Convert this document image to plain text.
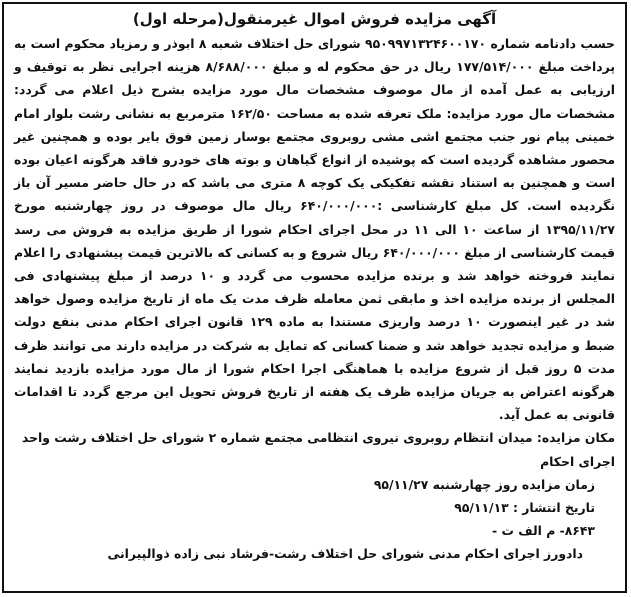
آگهی مزایده فروش اموال غیرمنقول(مرحله اول)

حسب دادنامه شماره ۹۵۰۹۹۷۱۳۲۴۶۰۰۱۷۰ شورای حل اختلاف شعبه ۸ ابوذر و رمزیاد محکوم است به پرداخت مبلغ ۱۷۷/۵۱۴/۰۰۰ ریال در حق محکوم له و مبلغ ۸/۶۸۸/۰۰۰ هزینه اجرایی نظر به توقیف و ارزیابی به عمل آمده از مال موصوف مشخصات مال مورد مزایده بشرح ذیل اعلام می گردد: مشخصات مال مورد مزایده: ملک تعرفه شده به مساحت ۱۶۲/۵۰ مترمربع به نشانی رشت بلوار امام خمینی پیام نور جنب مجتمع اشی مشی روبروی مجتمع بوسار زمین فوق بایر بوده و همچنین غیر محصور مشاهده گردیده است که پوشیده از انواع گیاهان و بوته های خودرو فاقد هرگونه اعیان بوده است و همچنین به استناد نقشه تفکیکی یک کوچه ۸ متری می باشد که در حال حاضر مسیر آن باز نگردیده است. کل مبلغ کارشناسی :۶۴۰/۰۰۰/۰۰۰ ریال مال موصوف در روز چهارشنبه مورخ ۱۳۹۵/۱۱/۲۷ از ساعت ۱۰ الی ۱۱ در محل اجرای احکام شورا از طریق مزایده به فروش می رسد قیمت کارشناسی از مبلغ ۶۴۰/۰۰۰/۰۰۰ ریال شروع و به کسانی که بالاترین قیمت پیشنهادی را اعلام نمایند فروخته خواهد شد و برنده مزایده محسوب می گردد و ۱۰ درصد از مبلغ پیشنهادی فی المجلس از برنده مزایده اخذ و مابقی ثمن معامله ظرف مدت یک ماه از تاریخ مزایده وصول خواهد شد در غیر اینصورت ۱۰ درصد واریزی مستندا به ماده ۱۲۹ قانون اجرای احکام مدنی بنفع دولت ضبط و مزایده تجدید خواهد شد و ضمنا کسانی که تمایل به شرکت در مزایده دارند می توانند ظرف مدت ۵ روز قبل از شروع مزایده با هماهنگی اجرا احکام شورا از مال مورد مزایده بازدید نمایند هرگونه اعتراض به جریان مزایده ظرف یک هفته از تاریخ فروش تحویل این مرجع گردد تا اقدامات قانونی به عمل آید.

مکان مزایده: میدان انتظام روبروی نیروی انتظامی مجتمع شماره ۲ شورای حل اختلاف رشت واحد اجرای احکام

زمان مزایده روز چهارشنبه ۹۵/۱۱/۲۷

تاریخ انتشار : ۹۵/۱۱/۱۳

۸۶۴۳- م الف ت -

دادورز اجرای احکام مدنی شورای حل اختلاف رشت-فرشاد نبی زاده ذوالپیرانی
